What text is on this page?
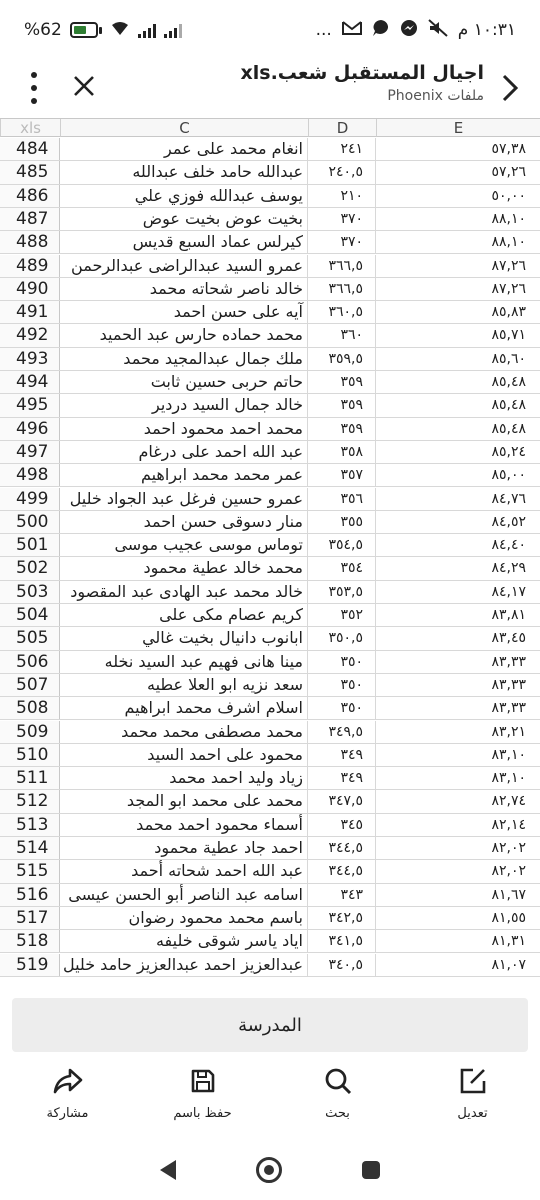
%62	...	١٠:٣١ م
اجيال المستقبل شعب.xls
ملفات Phoenix
xls	C	D	E
484	انغام محمد على عمر	٢٤١	٥٧,٣٨
485	عبدالله حامد خلف عبدالله	٢٤٠,٥	٥٧,٢٦
486	يوسف عبدالله فوزي علي	٢١٠	٥٠,٠٠
487	بخيت عوض بخيت عوض	٣٧٠	٨٨,١٠
488	كيرلس عماد السبع قديس	٣٧٠	٨٨,١٠
489	عمرو السيد عبدالراضى عبدالرحمن	٣٦٦,٥	٨٧,٢٦
490	خالد ناصر شحاته محمد	٣٦٦,٥	٨٧,٢٦
491	آيه على حسن احمد	٣٦٠,٥	٨٥,٨٣
492	محمد حماده حارس عبد الحميد	٣٦٠	٨٥,٧١
493	ملك جمال عبدالمجيد محمد	٣٥٩,٥	٨٥,٦٠
494	حاتم حربى حسين ثابت	٣٥٩	٨٥,٤٨
495	خالد جمال السيد دردير	٣٥٩	٨٥,٤٨
496	محمد احمد محمود احمد	٣٥٩	٨٥,٤٨
497	عبد الله احمد على درغام	٣٥٨	٨٥,٢٤
498	عمر محمد محمد ابراهيم	٣٥٧	٨٥,٠٠
499	عمرو حسين فرغل عبد الجواد خليل	٣٥٦	٨٤,٧٦
500	منار دسوقى حسن احمد	٣٥٥	٨٤,٥٢
501	توماس موسى عجيب موسى	٣٥٤,٥	٨٤,٤٠
502	محمد خالد عطية محمود	٣٥٤	٨٤,٢٩
503	خالد محمد عبد الهادى عبد المقصود	٣٥٣,٥	٨٤,١٧
504	كريم عصام مكى على	٣٥٢	٨٣,٨١
505	ابانوب دانيال بخيت غالي	٣٥٠,٥	٨٣,٤٥
506	مينا هانى فهيم عبد السيد نخله	٣٥٠	٨٣,٣٣
507	سعد نزيه ابو العلا عطيه	٣٥٠	٨٣,٣٣
508	اسلام اشرف محمد ابراهيم	٣٥٠	٨٣,٣٣
509	محمد مصطفى محمد محمد	٣٤٩,٥	٨٣,٢١
510	محمود على احمد السيد	٣٤٩	٨٣,١٠
511	زياد وليد احمد محمد	٣٤٩	٨٣,١٠
512	محمد على محمد ابو المجد	٣٤٧,٥	٨٢,٧٤
513	أسماء محمود احمد محمد	٣٤٥	٨٢,١٤
514	احمد جاد عطية محمود	٣٤٤,٥	٨٢,٠٢
515	عبد الله احمد شحاته أحمد	٣٤٤,٥	٨٢,٠٢
516	اسامه عبد الناصر أبو الحسن عيسى	٣٤٣	٨١,٦٧
517	باسم محمد محمود رضوان	٣٤٢,٥	٨١,٥٥
518	اياد ياسر شوقى خليفه	٣٤١,٥	٨١,٣١
519 عبدالعزيز احمد عبدالعزيز حامد خليل	٣٤٠,٥	٨١,٠٧
المدرسة
مشاركة	حفظ باسم	بحث	تعديل
